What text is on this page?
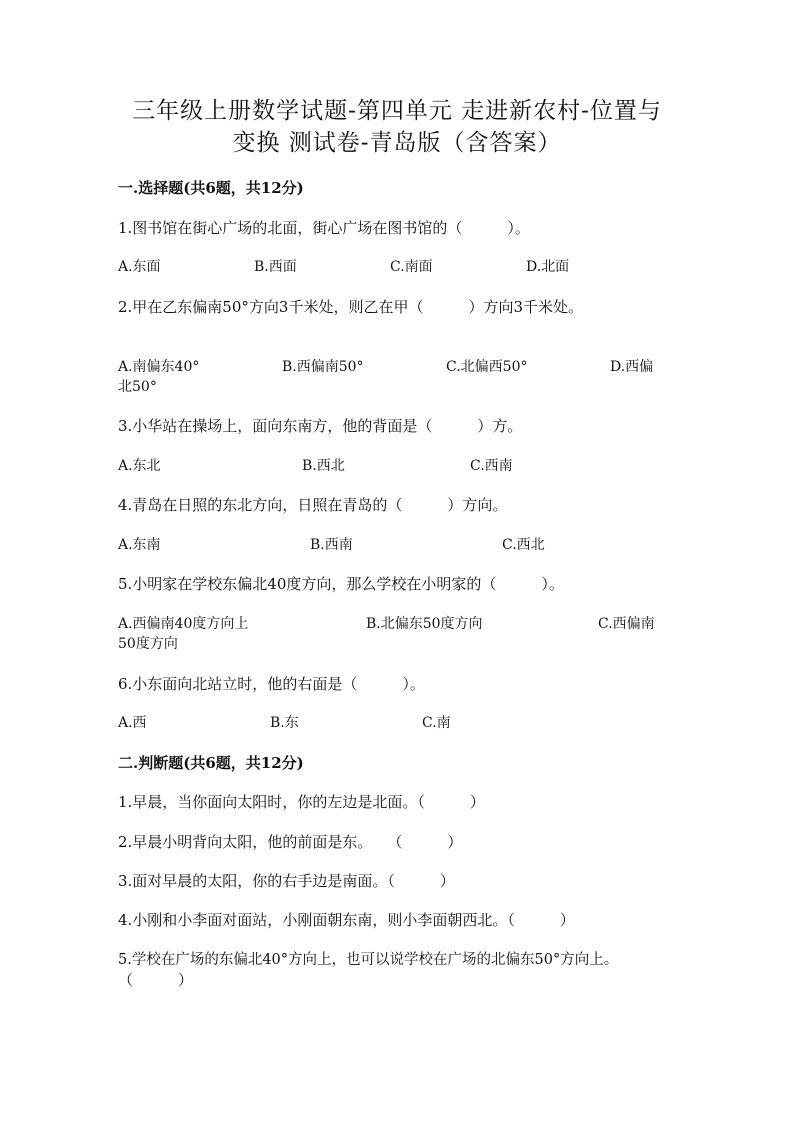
三年级上册数学试题-第四单元 走进新农村-位置与
变换 测试卷-青岛版（含答案）
一.选择题(共6题，共12分)
1.图书馆在街心广场的北面，街心广场在图书馆的（　　　）。
A.东面	B.西面	C.南面	D.北面
2.甲在乙东偏南50°方向3千米处，则乙在甲（　　　）方向3千米处。
A.南偏东40°	B.西偏南50°	C.北偏西50°	D.西偏
北50°
3.小华站在操场上，面向东南方，他的背面是（　　　）方。
A.东北	B.西北	C.西南
4.青岛在日照的东北方向，日照在青岛的（　　　）方向。
A.东南	B.西南	C.西北
5.小明家在学校东偏北40度方向，那么学校在小明家的（　　　）。
A.西偏南40度方向上	B.北偏东50度方向	C.西偏南
50度方向
6.小东面向北站立时，他的右面是（　　　）。
A.西	B.东	C.南
二.判断题(共6题，共12分)
1.早晨，当你面向太阳时，你的左边是北面。（　　　）
2.早晨小明背向太阳，他的前面是东。　　（　　　）
3.面对早晨的太阳，你的右手边是南面。（　　　）
4.小刚和小李面对面站，小刚面朝东南，则小李面朝西北。（　　　）
5.学校在广场的东偏北40°方向上，也可以说学校在广场的北偏东50°方向上。
（　　　）
